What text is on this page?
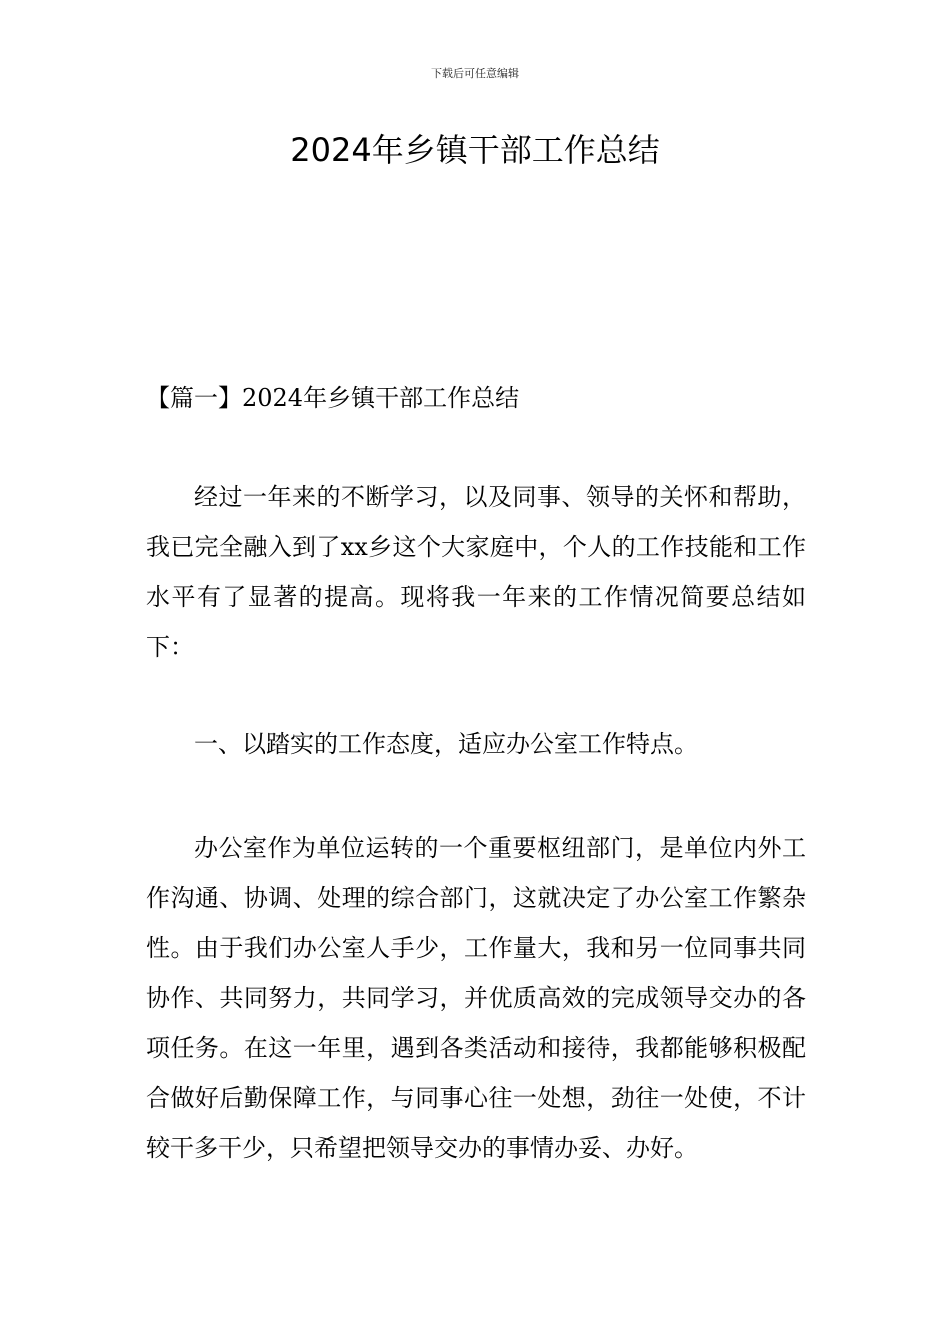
下载后可任意编辑
2024年乡镇干部工作总结
【篇一】2024年乡镇干部工作总结

经过一年来的不断学习，以及同事、领导的关怀和帮助，我已完全融入到了xx乡这个大家庭中，个人的工作技能和工作水平有了显著的提高。现将我一年来的工作情况简要总结如下：

一、以踏实的工作态度，适应办公室工作特点。

办公室作为单位运转的一个重要枢纽部门，是单位内外工作沟通、协调、处理的综合部门，这就决定了办公室工作繁杂性。由于我们办公室人手少，工作量大，我和另一位同事共同协作、共同努力，共同学习，并优质高效的完成领导交办的各项任务。在这一年里，遇到各类活动和接待，我都能够积极配合做好后勤保障工作，与同事心往一处想，劲往一处使，不计较干多干少，只希望把领导交办的事情办妥、办好。
